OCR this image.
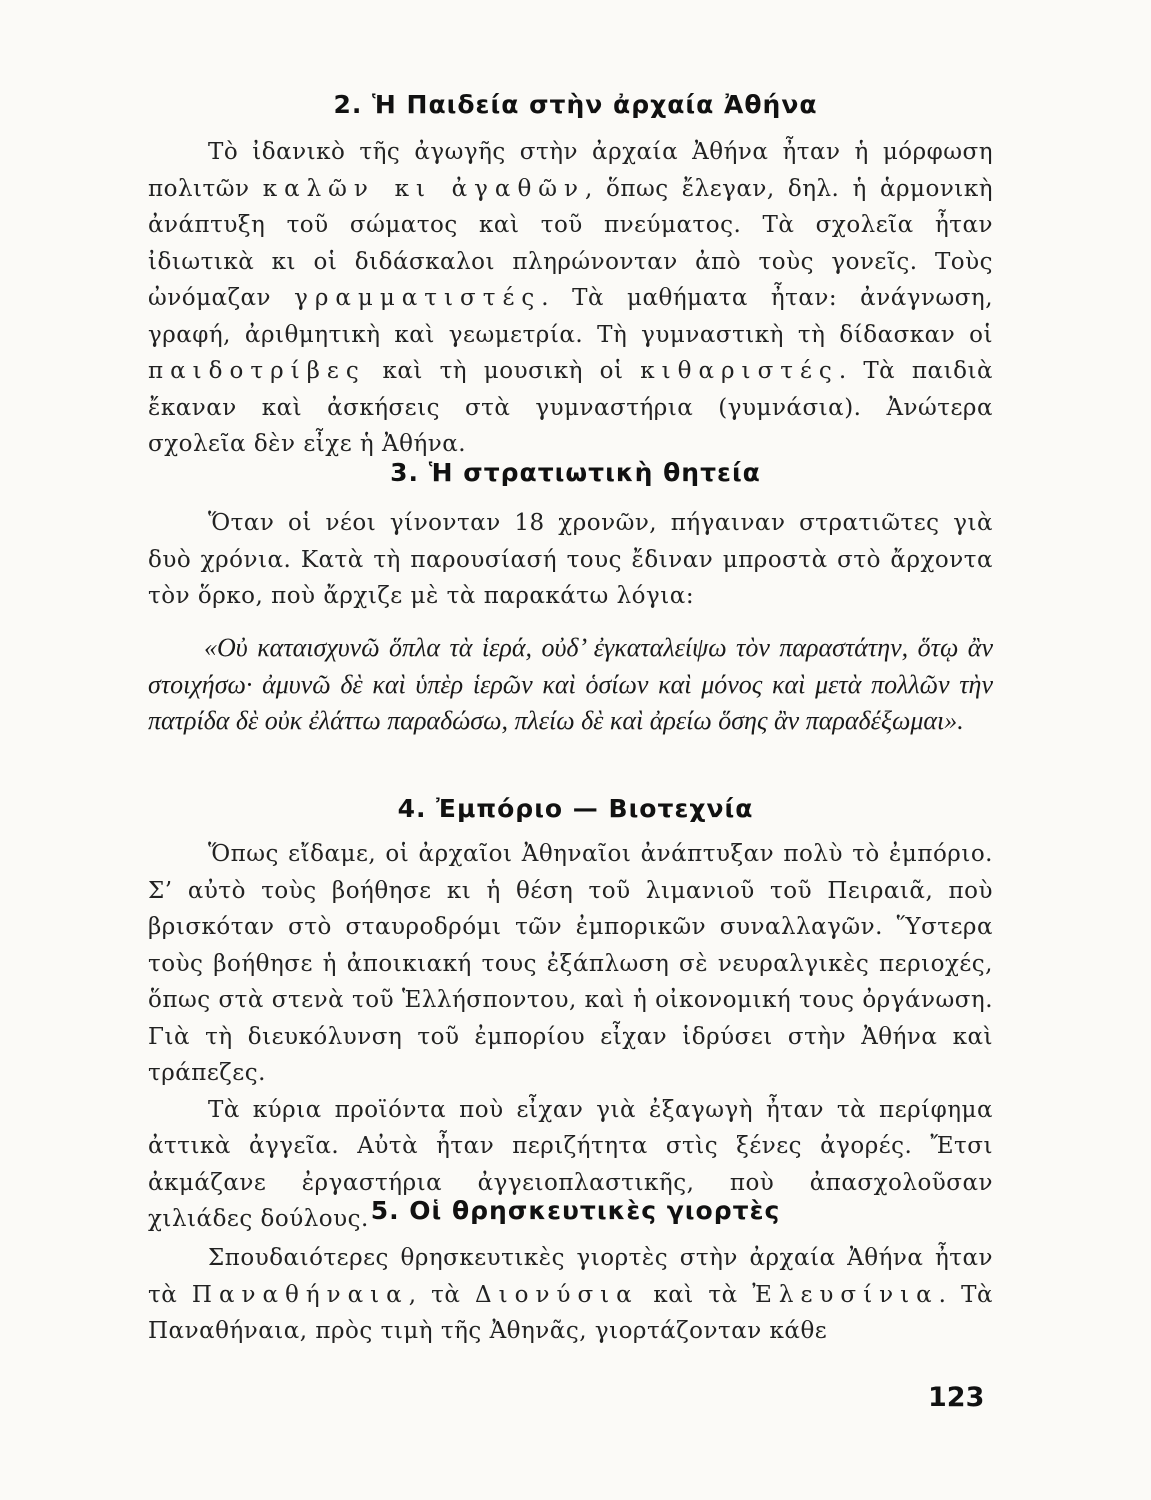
2. Ἡ Παιδεία στὴν ἀρχαία Ἀθήνα

Τὸ ἰδανικὸ τῆς ἀγωγῆς στὴν ἀρχαία Ἀθήνα ἦταν ἡ μόρφωση πολιτῶν καλῶν κι ἀγαθῶν, ὅπως ἔλεγαν, δηλ. ἡ ἁρμονικὴ ἀνάπτυξη τοῦ σώματος καὶ τοῦ πνεύματος. Τὰ σχολεῖα ἦταν ἰδιωτικὰ κι οἱ διδάσκαλοι πληρώνονταν ἀπὸ τοὺς γονεῖς. Τοὺς ὠνόμαζαν γραμματιστές. Τὰ μαθήματα ἦταν: ἀνάγνωση, γραφή, ἀριθμητικὴ καὶ γεωμετρία. Τὴ γυμναστικὴ τὴ δίδασκαν οἱ παιδοτρίβες καὶ τὴ μουσικὴ οἱ κιθαριστές. Τὰ παιδιὰ ἔκαναν καὶ ἀσκήσεις στὰ γυμναστήρια (γυμνάσια). Ἀνώτερα σχολεῖα δὲν εἶχε ἡ Ἀθήνα.

3. Ἡ στρατιωτικὴ θητεία

Ὅταν οἱ νέοι γίνονταν 18 χρονῶν, πήγαιναν στρατιῶτες γιὰ δυὸ χρόνια. Κατὰ τὴ παρουσίασή τους ἔδιναν μπροστὰ στὸ ἄρχοντα τὸν ὅρκο, ποὺ ἄρχιζε μὲ τὰ παρακάτω λόγια:

«Οὐ καταισχυνῶ ὅπλα τὰ ἱερά, οὐδ’ ἐγκαταλείψω τὸν παραστάτην, ὅτῳ ἂν στοιχήσω· ἀμυνῶ δὲ καὶ ὑπὲρ ἱερῶν καὶ ὁσίων καὶ μόνος καὶ μετὰ πολλῶν τὴν πατρίδα δὲ οὐκ ἐλάττω παραδώσω, πλείω δὲ καὶ ἀρείω ὅσης ἂν παραδέξωμαι».

4. Ἐμπόριο — Βιοτεχνία

Ὅπως εἴδαμε, οἱ ἀρχαῖοι Ἀθηναῖοι ἀνάπτυξαν πολὺ τὸ ἐμπόριο. Σ’ αὐτὸ τοὺς βοήθησε κι ἡ θέση τοῦ λιμανιοῦ τοῦ Πειραιᾶ, ποὺ βρισκόταν στὸ σταυροδρόμι τῶν ἐμπορικῶν συναλλαγῶν. Ὕστερα τοὺς βοήθησε ἡ ἀποικιακή τους ἐξάπλωση σὲ νευραλγικὲς περιοχές, ὅπως στὰ στενὰ τοῦ Ἑλλήσποντου, καὶ ἡ οἰκονομική τους ὀργάνωση. Γιὰ τὴ διευκόλυνση τοῦ ἐμπορίου εἶχαν ἱδρύσει στὴν Ἀθήνα καὶ τράπεζες.

Τὰ κύρια προϊόντα ποὺ εἶχαν γιὰ ἐξαγωγὴ ἦταν τὰ περίφημα ἀττικὰ ἀγγεῖα. Αὐτὰ ἦταν περιζήτητα στὶς ξένες ἀγορές. Ἔτσι ἀκμάζανε ἐργαστήρια ἀγγειοπλαστικῆς, ποὺ ἀπασχολοῦσαν χιλιάδες δούλους. 5. Οἱ θρησκευτικὲς γιορτὲς

Σπουδαιότερες θρησκευτικὲς γιορτὲς στὴν ἀρχαία Ἀθήνα ἦταν τὰ Παναθήναια, τὰ Διονύσια καὶ τὰ Ἐλευσίνια. Τὰ Παναθήναια, πρὸς τιμὴ τῆς Ἀθηνᾶς, γιορτάζονταν κάθε

123
